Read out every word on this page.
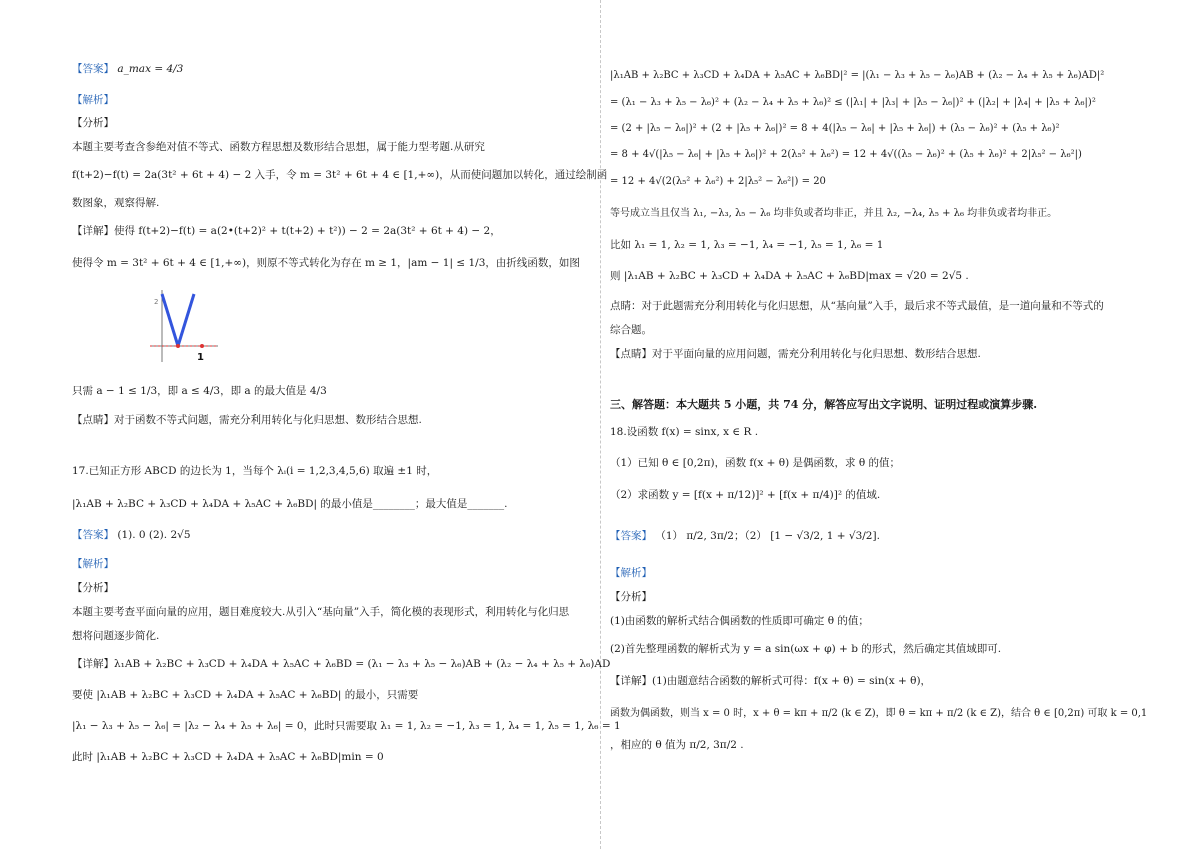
【答案】 a_max = 4/3
【解析】
【分析】
本题主要考查含参绝对值不等式、函数方程思想及数形结合思想，属于能力型考题.从研究
f(t+2)−f(t) = 2a(3t² + 6t + 4) − 2 入手，令 m = 3t² + 6t + 4 ∈ [1,+∞)，从而使问题加以转化，通过绘制函
数图象，观察得解.
【详解】使得 f(t+2)−f(t) = a(2•(t+2)² + t(t+2) + t²)) − 2 = 2a(3t² + 6t + 4) − 2，
使得令 m = 3t² + 6t + 4 ∈ [1,+∞)，则原不等式转化为存在 m ≥ 1，|am − 1| ≤ 1/3，由折线函数，如图
1
2
只需 a − 1 ≤ 1/3，即 a ≤ 4/3，即 a 的最大值是 4/3
【点睛】对于函数不等式问题，需充分利用转化与化归思想、数形结合思想.
17.已知正方形 ABCD 的边长为 1，当每个 λᵢ(i = 1,2,3,4,5,6) 取遍 ±1 时，
|λ₁AB + λ₂BC + λ₃CD + λ₄DA + λ₅AC + λ₆BD| 的最小值是________；最大值是_______.
【答案】 (1). 0 (2). 2√5
【解析】
【分析】
本题主要考查平面向量的应用，题目难度较大.从引入“基向量”入手，简化模的表现形式，利用转化与化归思
想将问题逐步简化.
【详解】λ₁AB + λ₂BC + λ₃CD + λ₄DA + λ₅AC + λ₆BD = (λ₁ − λ₃ + λ₅ − λ₆)AB + (λ₂ − λ₄ + λ₅ + λ₆)AD
要使 |λ₁AB + λ₂BC + λ₃CD + λ₄DA + λ₅AC + λ₆BD| 的最小，只需要
|λ₁ − λ₃ + λ₅ − λ₆| = |λ₂ − λ₄ + λ₅ + λ₆| = 0，此时只需要取 λ₁ = 1, λ₂ = −1, λ₃ = 1, λ₄ = 1, λ₅ = 1, λ₆ = 1
此时 |λ₁AB + λ₂BC + λ₃CD + λ₄DA + λ₅AC + λ₆BD|min = 0
|λ₁AB + λ₂BC + λ₃CD + λ₄DA + λ₅AC + λ₆BD|² = |(λ₁ − λ₃ + λ₅ − λ₆)AB + (λ₂ − λ₄ + λ₅ + λ₆)AD|²
= (λ₁ − λ₃ + λ₅ − λ₆)² + (λ₂ − λ₄ + λ₅ + λ₆)² ≤ (|λ₁| + |λ₃| + |λ₅ − λ₆|)² + (|λ₂| + |λ₄| + |λ₅ + λ₆|)²
= (2 + |λ₅ − λ₆|)² + (2 + |λ₅ + λ₆|)² = 8 + 4(|λ₅ − λ₆| + |λ₅ + λ₆|) + (λ₅ − λ₆)² + (λ₅ + λ₆)²
= 8 + 4√(|λ₅ − λ₆| + |λ₅ + λ₆|)² + 2(λ₅² + λ₆²) = 12 + 4√((λ₅ − λ₆)² + (λ₅ + λ₆)² + 2|λ₅² − λ₆²|)
= 12 + 4√(2(λ₅² + λ₆²) + 2|λ₅² − λ₆²|) = 20
等号成立当且仅当 λ₁, −λ₃, λ₅ − λ₆ 均非负或者均非正，并且 λ₂, −λ₄, λ₅ + λ₆ 均非负或者均非正。
比如 λ₁ = 1, λ₂ = 1, λ₃ = −1, λ₄ = −1, λ₅ = 1, λ₆ = 1
则 |λ₁AB + λ₂BC + λ₃CD + λ₄DA + λ₅AC + λ₆BD|max = √20 = 2√5 .
点睛：对于此题需充分利用转化与化归思想，从“基向量”入手，最后求不等式最值，是一道向量和不等式的
综合题。
【点睛】对于平面向量的应用问题，需充分利用转化与化归思想、数形结合思想.
三、解答题：本大题共 5 小题，共 74 分，解答应写出文字说明、证明过程或演算步骤.
18.设函数 f(x) = sinx, x ∈ R .
（1）已知 θ ∈ [0,2π)，函数 f(x + θ) 是偶函数，求 θ 的值；
（2）求函数 y = [f(x + π/12)]² + [f(x + π/4)]² 的值域.
【答案】 （1） π/2, 3π/2；（2） [1 − √3/2, 1 + √3/2].
【解析】
【分析】
(1)由函数的解析式结合偶函数的性质即可确定 θ 的值；
(2)首先整理函数的解析式为 y = a sin(ωx + φ) + b 的形式，然后确定其值域即可.
【详解】(1)由题意结合函数的解析式可得：f(x + θ) = sin(x + θ)，
函数为偶函数，则当 x = 0 时，x + θ = kπ + π/2 (k ∈ Z)，即 θ = kπ + π/2 (k ∈ Z)，结合 θ ∈ [0,2π) 可取 k = 0,1
，相应的 θ 值为 π/2, 3π/2 .
